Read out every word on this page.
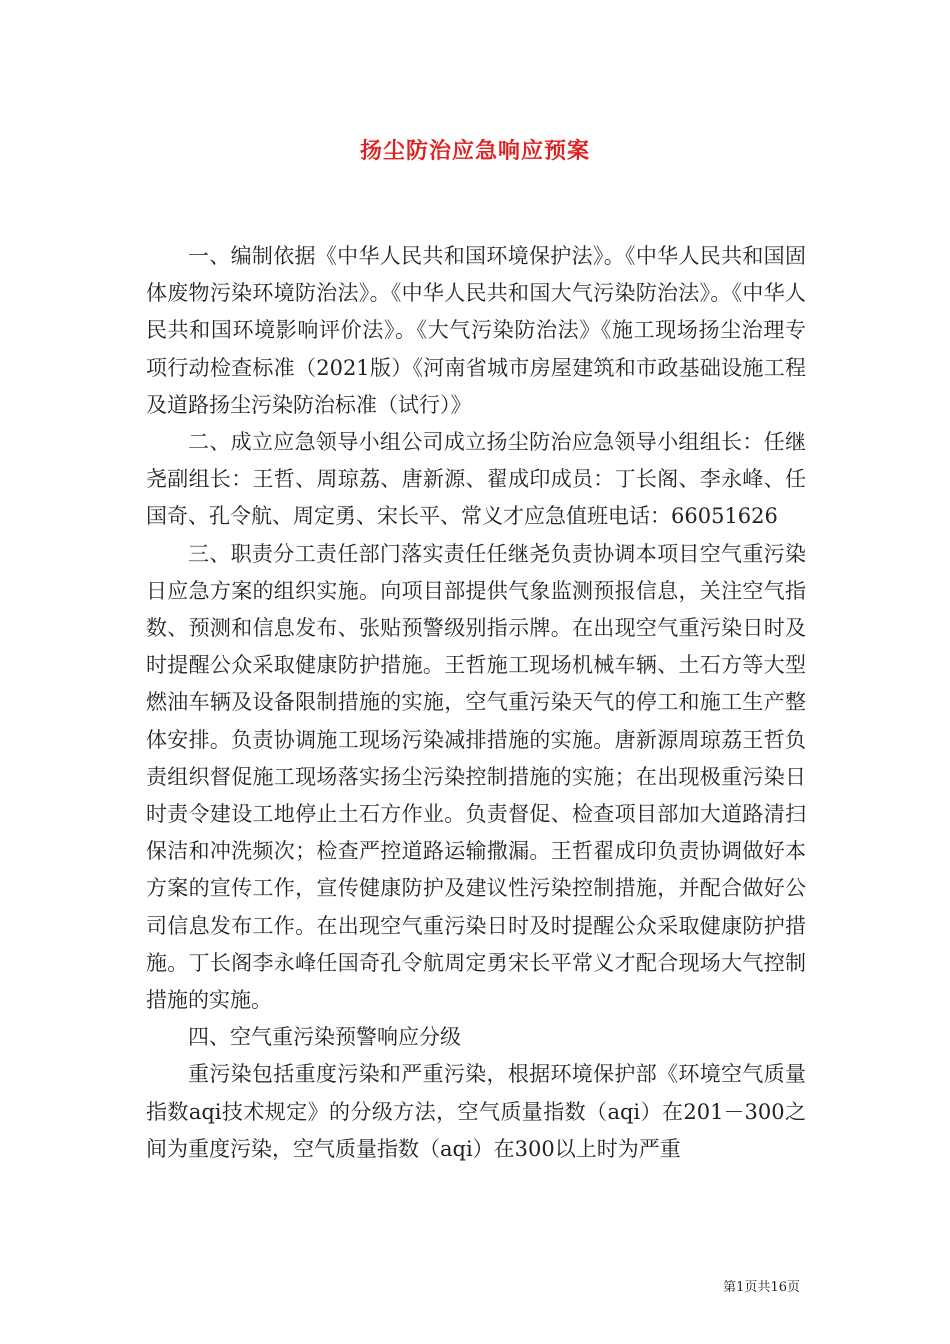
扬尘防治应急响应预案

一、编制依据《中华人民共和国环境保护法》。《中华人民共和国固体废物污染环境防治法》。《中华人民共和国大气污染防治法》。《中华人民共和国环境影响评价法》。《大气污染防治法》《施工现场扬尘治理专项行动检查标准（2021版）《河南省城市房屋建筑和市政基础设施工程及道路扬尘污染防治标准（试行）》

二、成立应急领导小组公司成立扬尘防治应急领导小组组长：任继尧副组长：王哲、周琼荔、唐新源、翟成印成员：丁长阁、李永峰、任国奇、孔令航、周定勇、宋长平、常义才应急值班电话：66051626

三、职责分工责任部门落实责任任继尧负责协调本项目空气重污染日应急方案的组织实施。向项目部提供气象监测预报信息，关注空气指数、预测和信息发布、张贴预警级别指示牌。在出现空气重污染日时及时提醒公众采取健康防护措施。王哲施工现场机械车辆、土石方等大型燃油车辆及设备限制措施的实施，空气重污染天气的停工和施工生产整体安排。负责协调施工现场污染减排措施的实施。唐新源周琼荔王哲负责组织督促施工现场落实扬尘污染控制措施的实施；在出现极重污染日时责令建设工地停止土石方作业。负责督促、检查项目部加大道路清扫保洁和冲洗频次；检查严控道路运输撒漏。王哲翟成印负责协调做好本方案的宣传工作，宣传健康防护及建议性污染控制措施，并配合做好公司信息发布工作。在出现空气重污染日时及时提醒公众采取健康防护措施。丁长阁李永峰任国奇孔令航周定勇宋长平常义才配合现场大气控制措施的实施。

四、空气重污染预警响应分级

重污染包括重度污染和严重污染，根据环境保护部《环境空气质量指数aqi技术规定》的分级方法，空气质量指数（aqi）在201－300之间为重度污染，空气质量指数（aqi）在300以上时为严重

第1页共16页
